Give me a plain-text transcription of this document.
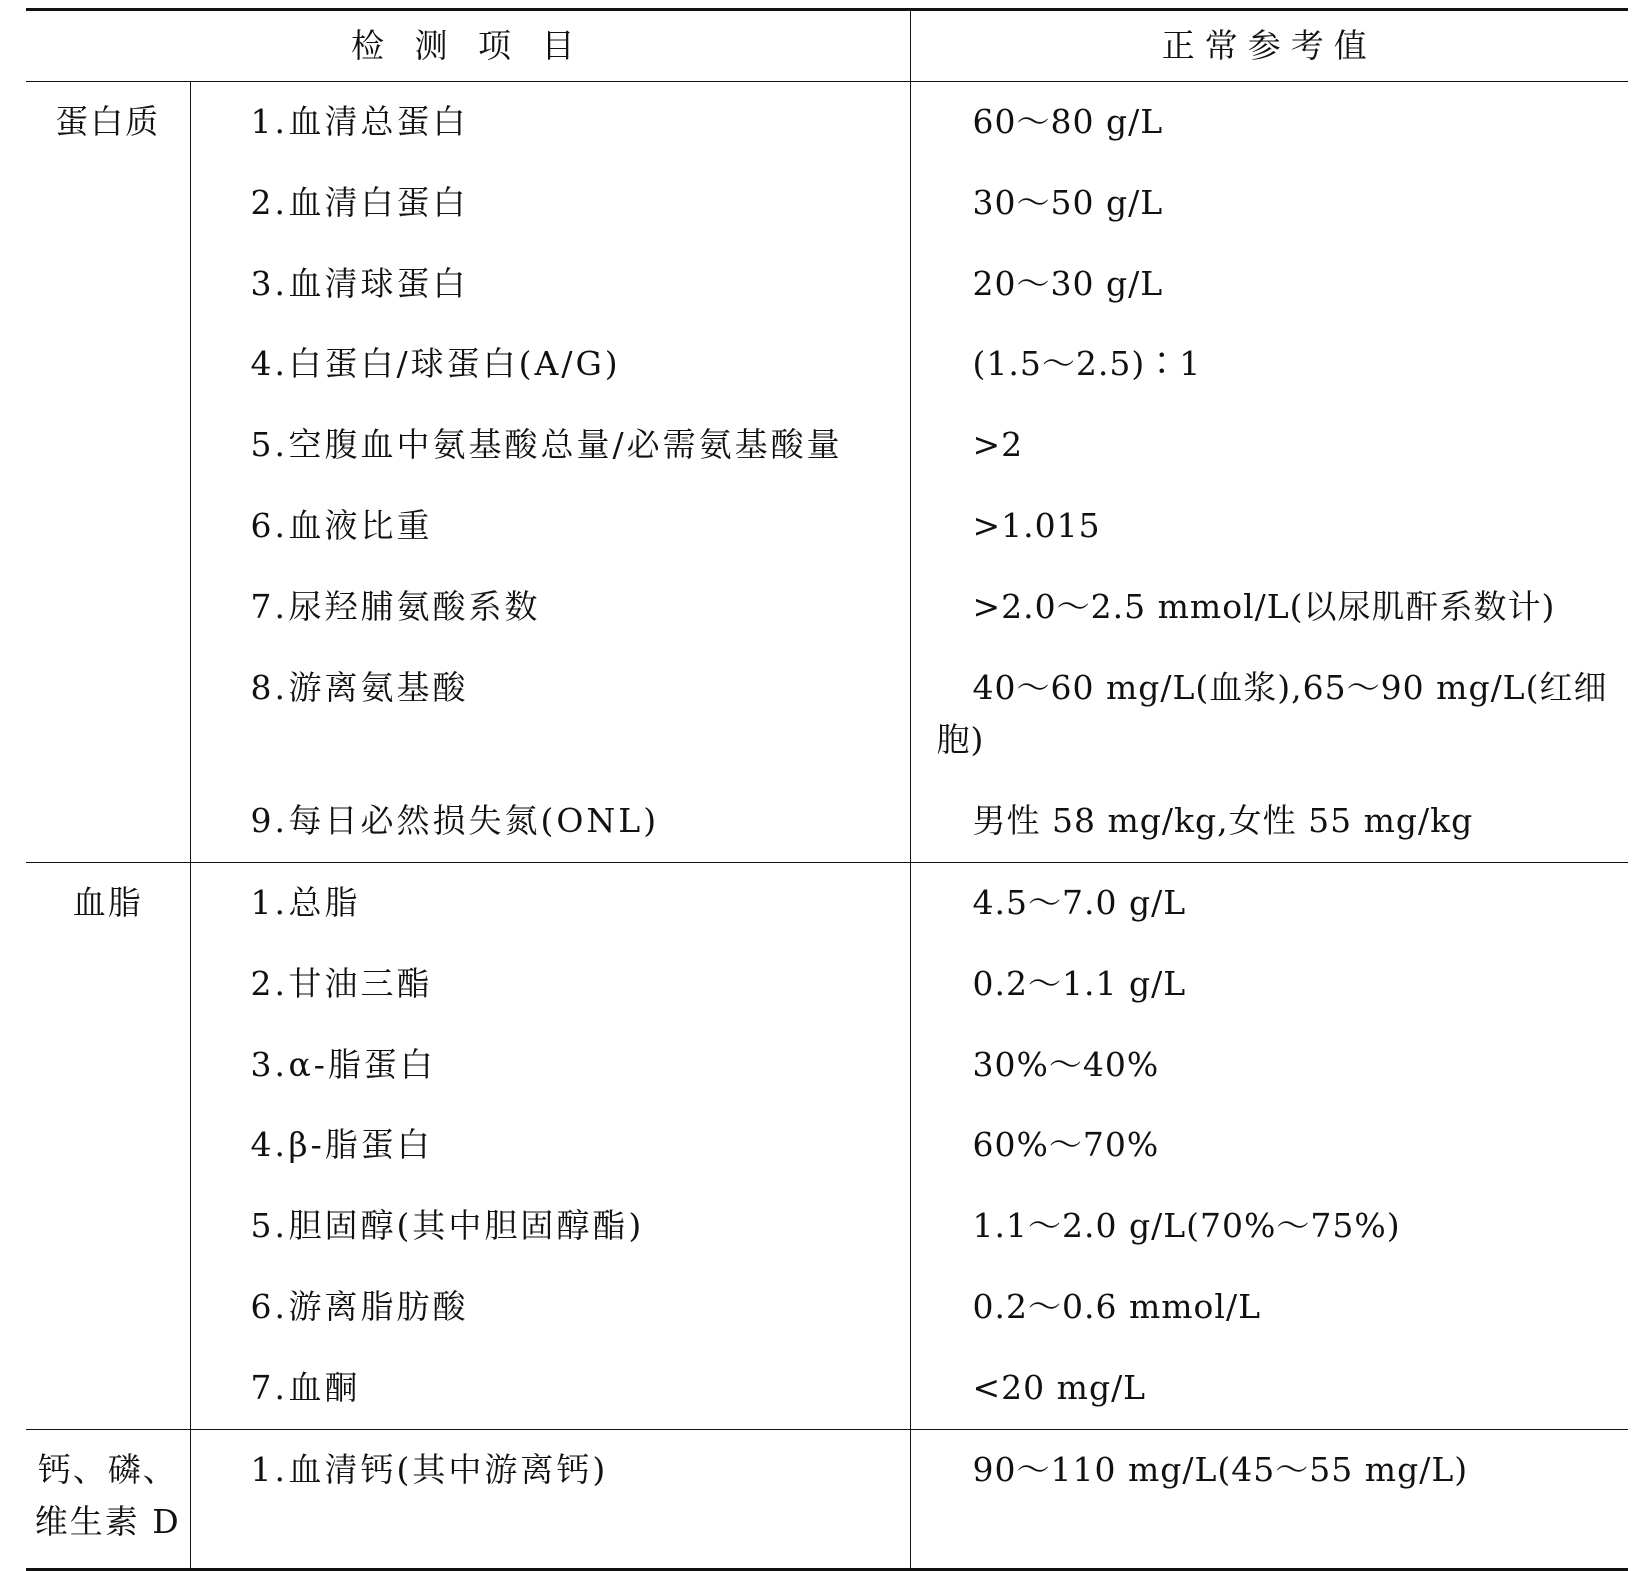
检 测 项 目		正常参考值
蛋白质	1.血清总蛋白	60～80 g/L
	2.血清白蛋白	30～50 g/L
	3.血清球蛋白	20～30 g/L
	4.白蛋白/球蛋白(A/G)	(1.5～2.5)∶1
	5.空腹血中氨基酸总量/必需氨基酸量	>2
	6.血液比重	>1.015
	7.尿羟脯氨酸系数	>2.0～2.5 mmol/L(以尿肌酐系数计)
	8.游离氨基酸	40～60 mg/L(血浆),65～90 mg/L(红细胞)
	9.每日必然损失氮(ONL)	男性 58 mg/kg,女性 55 mg/kg
血脂	1.总脂	4.5～7.0 g/L
	2.甘油三酯	0.2～1.1 g/L
	3.α-脂蛋白	30%～40%
	4.β-脂蛋白	60%～70%
	5.胆固醇(其中胆固醇酯)	1.1～2.0 g/L(70%～75%)
	6.游离脂肪酸	0.2～0.6 mmol/L
	7.血酮	<20 mg/L
钙、磷、维生素 D	1.血清钙(其中游离钙)	90～110 mg/L(45～55 mg/L)
